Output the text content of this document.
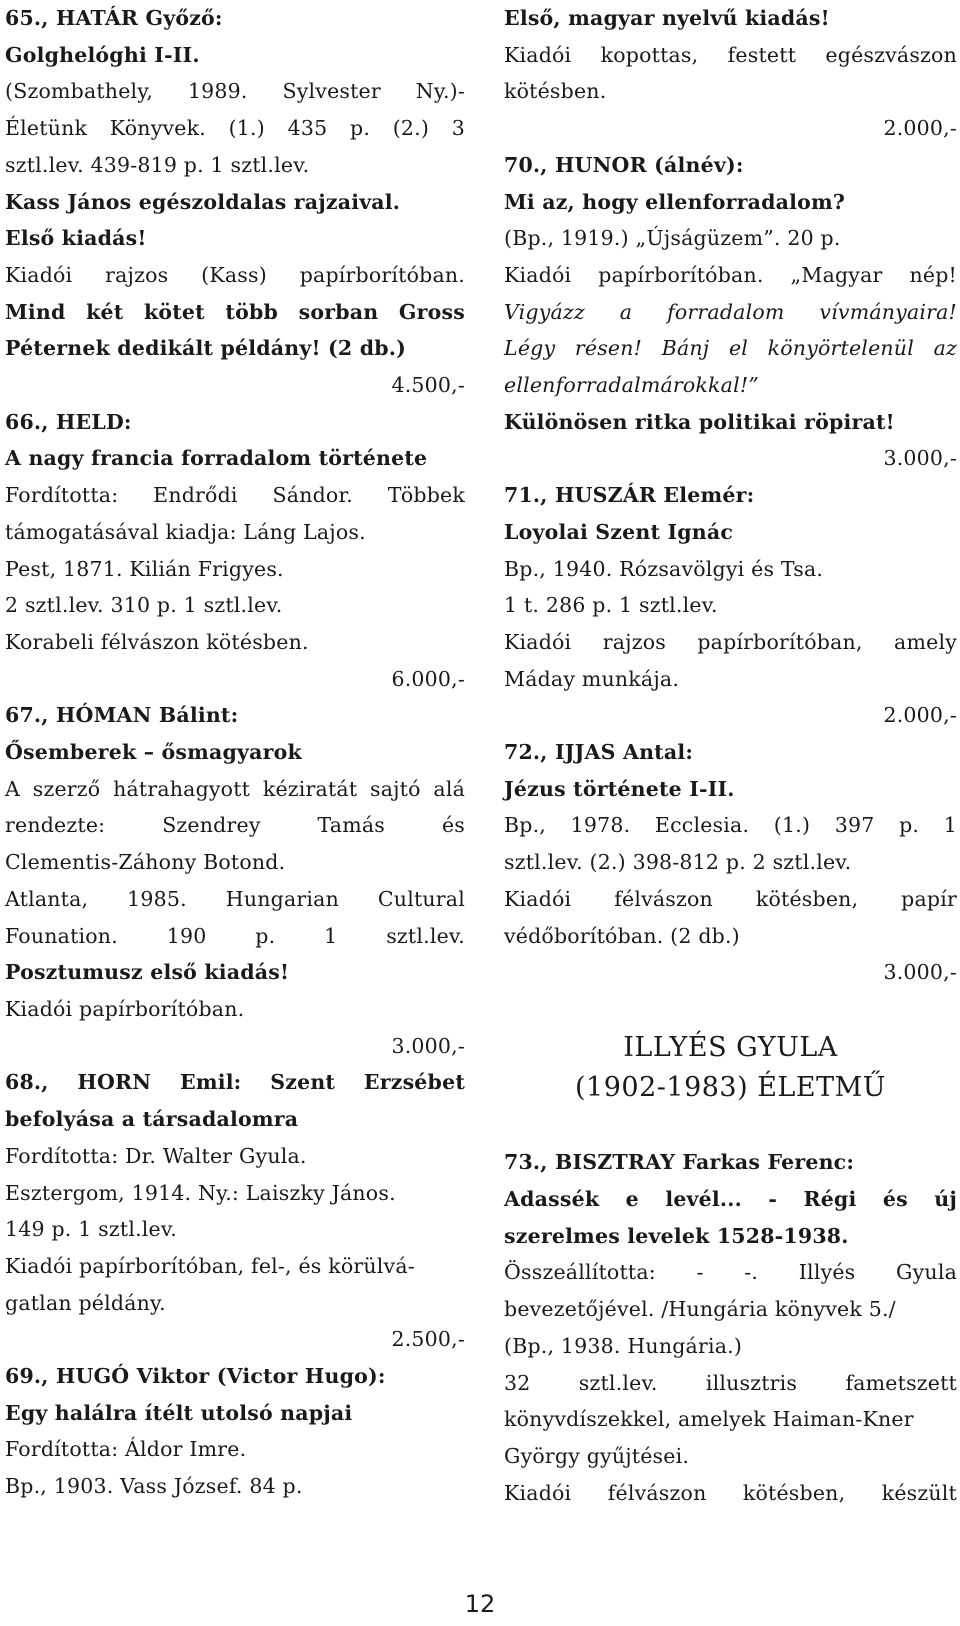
65., HATÁR Győző:
Golghelóghi I-II.
(Szombathely, 1989. Sylvester Ny.)-
Életünk Könyvek. (1.) 435 p. (2.) 3
sztl.lev. 439-819 p. 1 sztl.lev.
Kass János egészoldalas rajzaival.
Első kiadás!
Kiadói rajzos (Kass) papírborítóban.
Mind két kötet több sorban Gross
Péternek dedikált példány! (2 db.)
4.500,-
66., HELD:
A nagy francia forradalom története
Fordította: Endrődi Sándor. Többek
támogatásával kiadja: Láng Lajos.
Pest, 1871. Kilián Frigyes.
2 sztl.lev. 310 p. 1 sztl.lev.
Korabeli félvászon kötésben.
6.000,-
67., HÓMAN Bálint:
Ősemberek – ősmagyarok
A szerző hátrahagyott kéziratát sajtó alá
rendezte: Szendrey Tamás és
Clementis-Záhony Botond.
Atlanta, 1985. Hungarian Cultural
Founation. 190 p. 1 sztl.lev.
Posztumusz első kiadás!
Kiadói papírborítóban.
3.000,-
68., HORN Emil: Szent Erzsébet
befolyása a társadalomra
Fordította: Dr. Walter Gyula.
Esztergom, 1914. Ny.: Laiszky János.
149 p. 1 sztl.lev.
Kiadói papírborítóban, fel-, és körülvá-
gatlan példány.
2.500,-
69., HUGÓ Viktor (Victor Hugo):
Egy halálra ítélt utolsó napjai
Fordította: Áldor Imre.
Bp., 1903. Vass József. 84 p.
Első, magyar nyelvű kiadás!
Kiadói kopottas, festett egészvászon
kötésben.
2.000,-
70., HUNOR (álnév):
Mi az, hogy ellenforradalom?
(Bp., 1919.) „Újságüzem”. 20 p.
Kiadói papírborítóban. „Magyar nép!
Vigyázz a forradalom vívmányaira!
Légy résen! Bánj el könyörtelenül az
ellenforradalmárokkal!”
Különösen ritka politikai röpirat!
3.000,-
71., HUSZÁR Elemér:
Loyolai Szent Ignác
Bp., 1940. Rózsavölgyi és Tsa.
1 t. 286 p. 1 sztl.lev.
Kiadói rajzos papírborítóban, amely
Máday munkája.
2.000,-
72., IJJAS Antal:
Jézus története I-II.
Bp., 1978. Ecclesia. (1.) 397 p. 1
sztl.lev. (2.) 398-812 p. 2 sztl.lev.
Kiadói félvászon kötésben, papír
védőborítóban. (2 db.)
3.000,-
ILLYÉS GYULA
(1902-1983) ÉLETMŰ
73., BISZTRAY Farkas Ferenc:
Adassék e levél... - Régi és új
szerelmes levelek 1528-1938.
Összeállította: - -. Illyés Gyula
bevezetőjével. /Hungária könyvek 5./
(Bp., 1938. Hungária.)
32 sztl.lev. illusztris fametszett
könyvdíszekkel, amelyek Haiman-Kner
György gyűjtései.
Kiadói félvászon kötésben, készült
12
